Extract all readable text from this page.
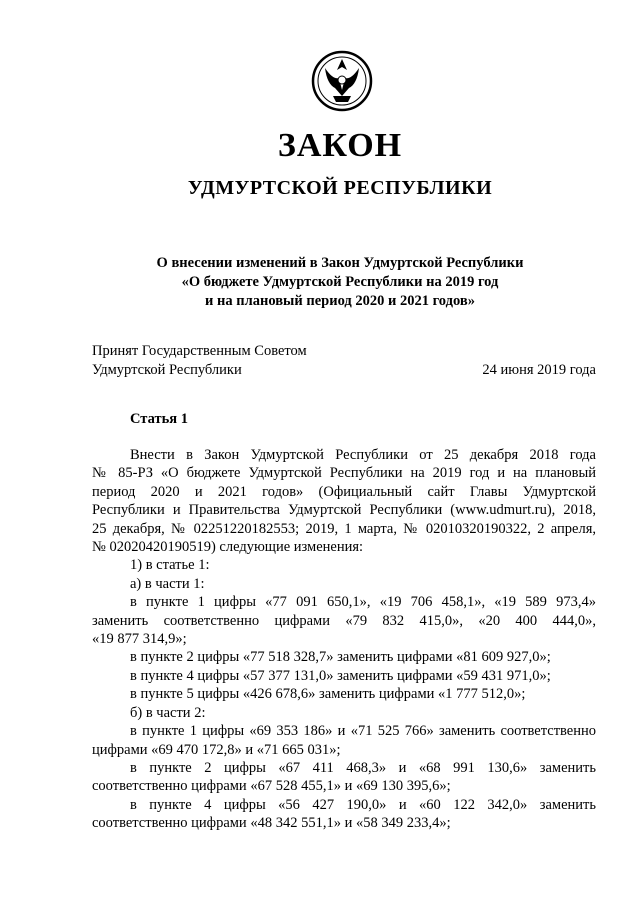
ЗАКОН
УДМУРТСКОЙ РЕСПУБЛИКИ
О внесении изменений в Закон Удмуртской Республики
«О бюджете Удмуртской Республики на 2019 год
и на плановый период 2020 и 2021 годов»
Принят Государственным Советом
Удмуртской Республики	24 июня 2019 года
Статья 1
Внести в Закон Удмуртской Республики от 25 декабря 2018 года
№ 85-РЗ «О бюджете Удмуртской Республики на 2019 год и на плановый
период 2020 и 2021 годов» (Официальный сайт Главы Удмуртской
Республики и Правительства Удмуртской Республики (www.udmurt.ru), 2018,
25 декабря, № 02251220182553; 2019, 1 марта, № 02010320190322, 2 апреля,
№ 02020420190519) следующие изменения:
1) в статье 1:
а) в части 1:
в пункте 1 цифры «77 091 650,1», «19 706 458,1», «19 589 973,4»
заменить соответственно цифрами «79 832 415,0», «20 400 444,0»,
«19 877 314,9»;
в пункте 2 цифры «77 518 328,7» заменить цифрами «81 609 927,0»;
в пункте 4 цифры «57 377 131,0» заменить цифрами «59 431 971,0»;
в пункте 5 цифры «426 678,6» заменить цифрами «1 777 512,0»;
б) в части 2:
в пункте 1 цифры «69 353 186» и «71 525 766» заменить соответственно
цифрами «69 470 172,8» и «71 665 031»;
в пункте 2 цифры «67 411 468,3» и «68 991 130,6» заменить
соответственно цифрами «67 528 455,1» и «69 130 395,6»;
в пункте 4 цифры «56 427 190,0» и «60 122 342,0» заменить
соответственно цифрами «48 342 551,1» и «58 349 233,4»;
